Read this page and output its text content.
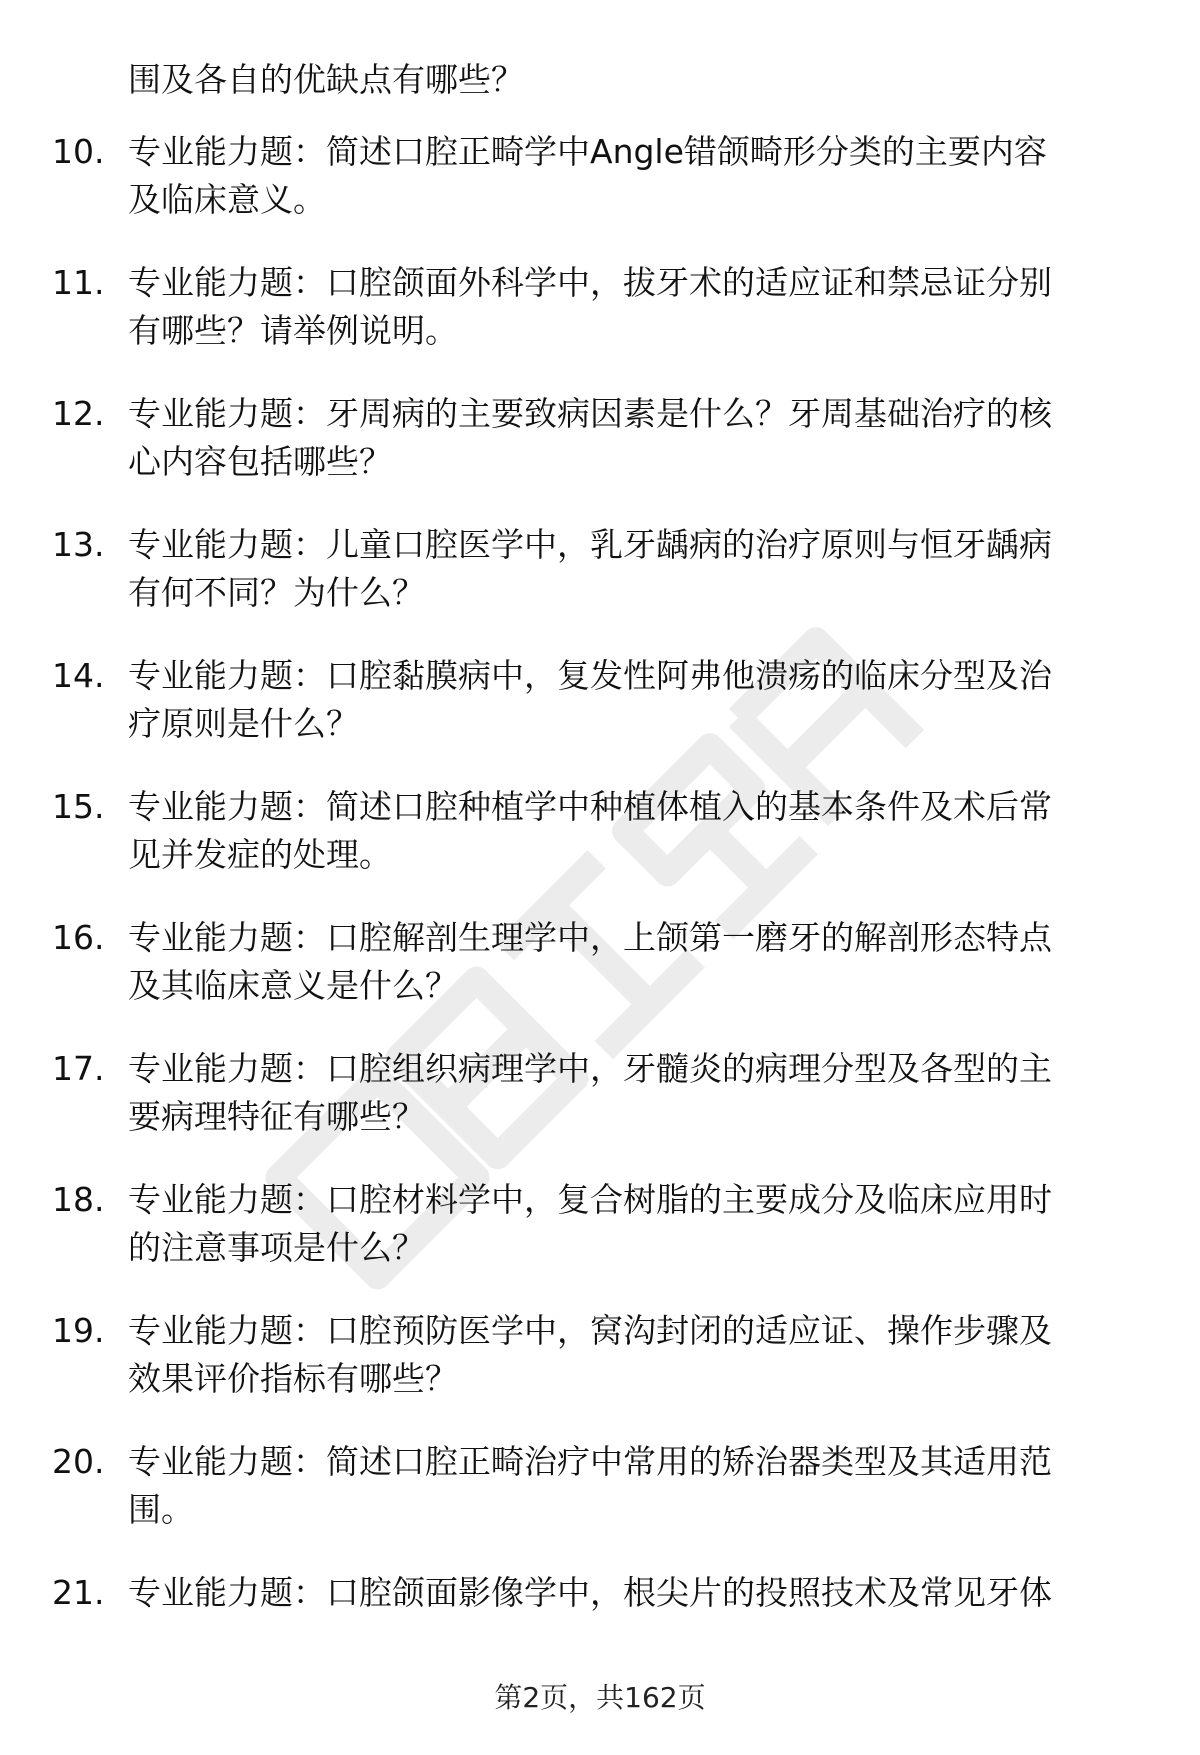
围及各自的优缺点有哪些？
10. 专业能力题：简述口腔正畸学中Angle错颌畸形分类的主要内容
及临床意义。
11. 专业能力题：口腔颌面外科学中，拔牙术的适应证和禁忌证分别
有哪些？请举例说明。
12. 专业能力题：牙周病的主要致病因素是什么？牙周基础治疗的核
心内容包括哪些？
13. 专业能力题：儿童口腔医学中，乳牙龋病的治疗原则与恒牙龋病
有何不同？为什么？
14. 专业能力题：口腔黏膜病中，复发性阿弗他溃疡的临床分型及治
疗原则是什么？
15. 专业能力题：简述口腔种植学中种植体植入的基本条件及术后常
见并发症的处理。
16. 专业能力题：口腔解剖生理学中，上颌第一磨牙的解剖形态特点
及其临床意义是什么？
17. 专业能力题：口腔组织病理学中，牙髓炎的病理分型及各型的主
要病理特征有哪些？
18. 专业能力题：口腔材料学中，复合树脂的主要成分及临床应用时
的注意事项是什么？
19. 专业能力题：口腔预防医学中，窝沟封闭的适应证、操作步骤及
效果评价指标有哪些？
20. 专业能力题：简述口腔正畸治疗中常用的矫治器类型及其适用范
围。
21. 专业能力题：口腔颌面影像学中，根尖片的投照技术及常见牙体
第2页，共162页
